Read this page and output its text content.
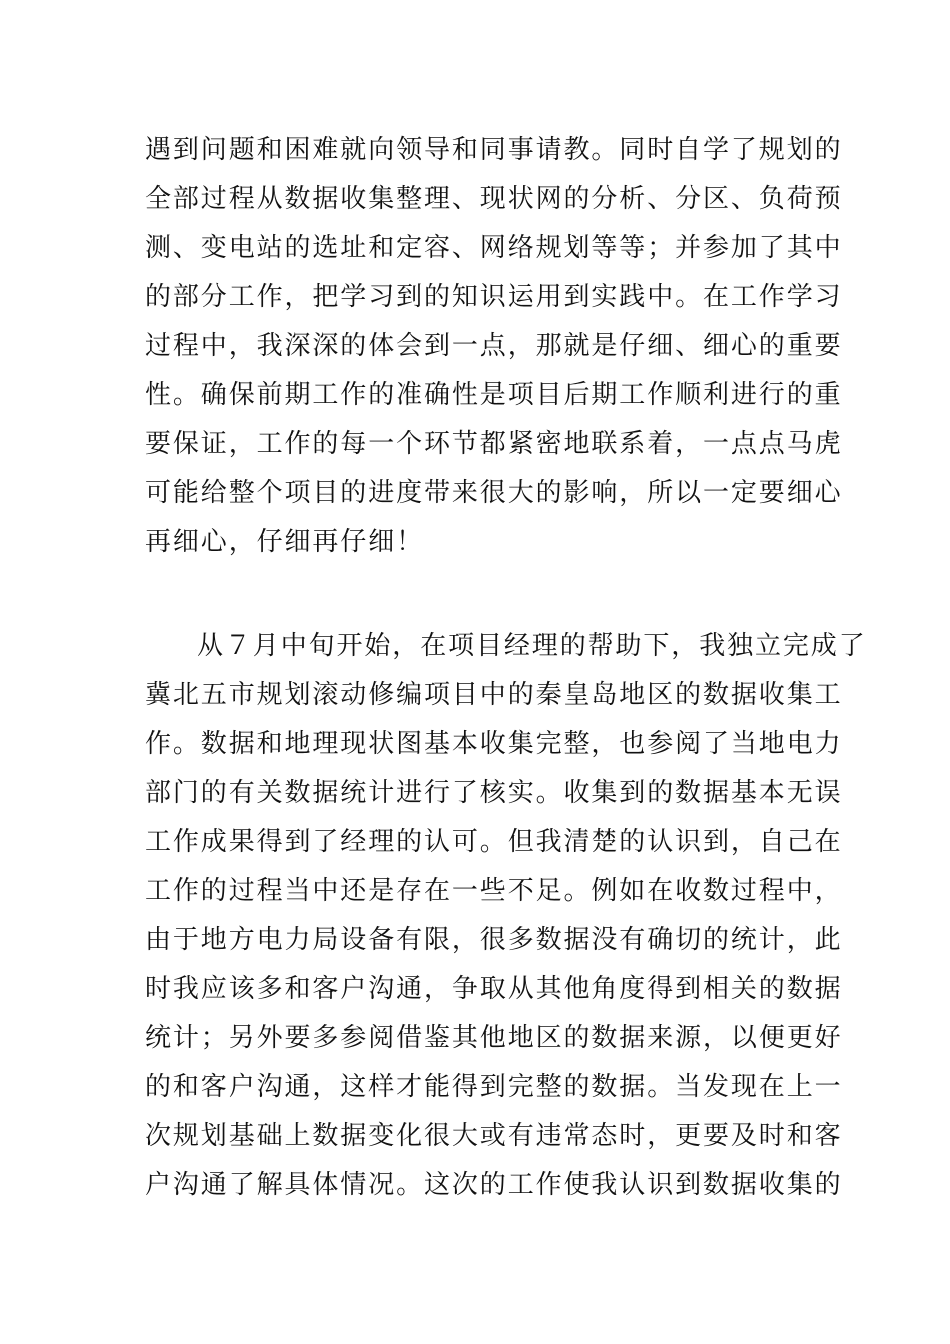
遇到问题和困难就向领导和同事请教。同时自学了规划的
全部过程从数据收集整理、现状网的分析、分区、负荷预
测、变电站的选址和定容、网络规划等等；并参加了其中
的部分工作，把学习到的知识运用到实践中。在工作学习
过程中，我深深的体会到一点，那就是仔细、细心的重要
性。确保前期工作的准确性是项目后期工作顺利进行的重
要保证，工作的每一个环节都紧密地联系着，一点点马虎
可能给整个项目的进度带来很大的影响，所以一定要细心
再细心，仔细再仔细！
从７月中旬开始，在项目经理的帮助下，我独立完成了
冀北五市规划滚动修编项目中的秦皇岛地区的数据收集工
作。数据和地理现状图基本收集完整，也参阅了当地电力
部门的有关数据统计进行了核实。收集到的数据基本无误
工作成果得到了经理的认可。但我清楚的认识到，自己在
工作的过程当中还是存在一些不足。例如在收数过程中，
由于地方电力局设备有限，很多数据没有确切的统计，此
时我应该多和客户沟通，争取从其他角度得到相关的数据
统计；另外要多参阅借鉴其他地区的数据来源，以便更好
的和客户沟通，这样才能得到完整的数据。当发现在上一
次规划基础上数据变化很大或有违常态时，更要及时和客
户沟通了解具体情况。这次的工作使我认识到数据收集的
